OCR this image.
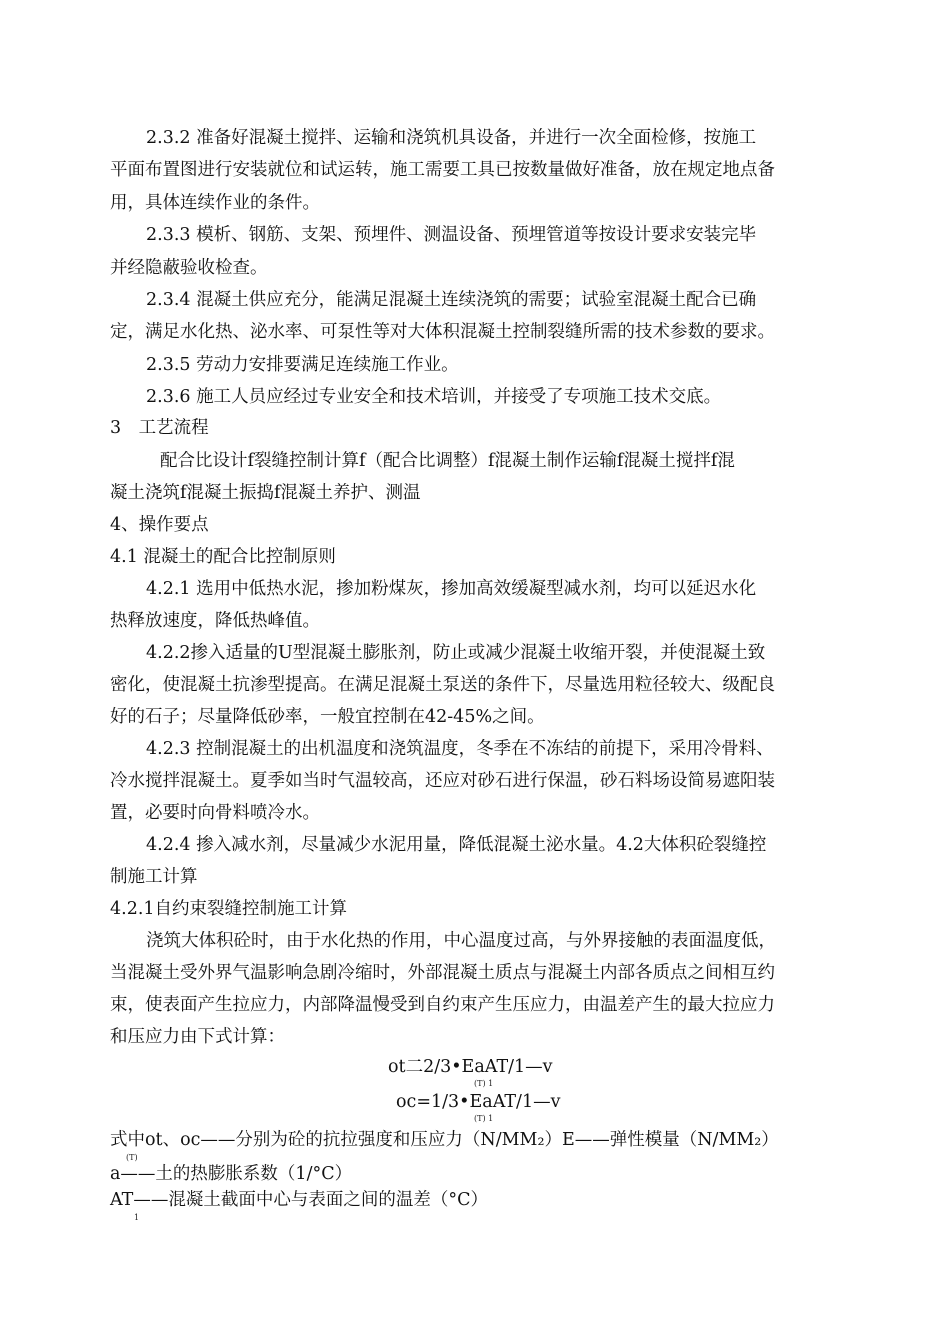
2.3.2 准备好混凝土搅拌、运输和浇筑机具设备，并进行一次全面检修，按施工
平面布置图进行安装就位和试运转，施工需要工具已按数量做好准备，放在规定地点备
用，具体连续作业的条件。
2.3.3 模析、钢筋、支架、预埋件、测温设备、预埋管道等按设计要求安装完毕
并经隐蔽验收检查。
2.3.4 混凝土供应充分，能满足混凝土连续浇筑的需要；试验室混凝土配合已确
定，满足水化热、泌水率、可泵性等对大体积混凝土控制裂缝所需的技术参数的要求。
2.3.5 劳动力安排要满足连续施工作业。
2.3.6 施工人员应经过专业安全和技术培训，并接受了专项施工技术交底。
3　工艺流程
配合比设计f裂缝控制计算f（配合比调整）f混凝土制作运输f混凝土搅拌f混
凝土浇筑f混凝土振捣f混凝土养护、测温
4、操作要点
4.1 混凝土的配合比控制原则
4.2.1 选用中低热水泥，掺加粉煤灰，掺加高效缓凝型减水剂，均可以延迟水化
热释放速度，降低热峰值。
4.2.2掺入适量的U型混凝土膨胀剂，防止或减少混凝土收缩开裂，并使混凝土致
密化，使混凝土抗渗型提高。在满足混凝土泵送的条件下，尽量选用粒径较大、级配良
好的石子；尽量降低砂率，一般宜控制在42-45%之间。
4.2.3 控制混凝土的出机温度和浇筑温度，冬季在不冻结的前提下，采用冷骨料、
冷水搅拌混凝土。夏季如当时气温较高，还应对砂石进行保温，砂石料场设简易遮阳装
置，必要时向骨料喷冷水。
4.2.4 掺入减水剂，尽量减少水泥用量，降低混凝土泌水量。4.2大体积砼裂缝控
制施工计算
4.2.1自约束裂缝控制施工计算
浇筑大体积砼时，由于水化热的作用，中心温度过高，与外界接触的表面温度低，
当混凝土受外界气温影响急剧冷缩时，外部混凝土质点与混凝土内部各质点之间相互约
束，使表面产生拉应力，内部降温慢受到自约束产生压应力，由温差产生的最大拉应力
和压应力由下式计算：
ot二2/3•EaAT/1—v
(T) 1
oc=1/3•EaAT/1—v
(T) 1
式中ot、oc——分别为砼的抗拉强度和压应力（N/MM₂）E——弹性模量（N/MM₂）
(T)
a——土的热膨胀系数（1/°C）
AT——混凝土截面中心与表面之间的温差（°C）
1
